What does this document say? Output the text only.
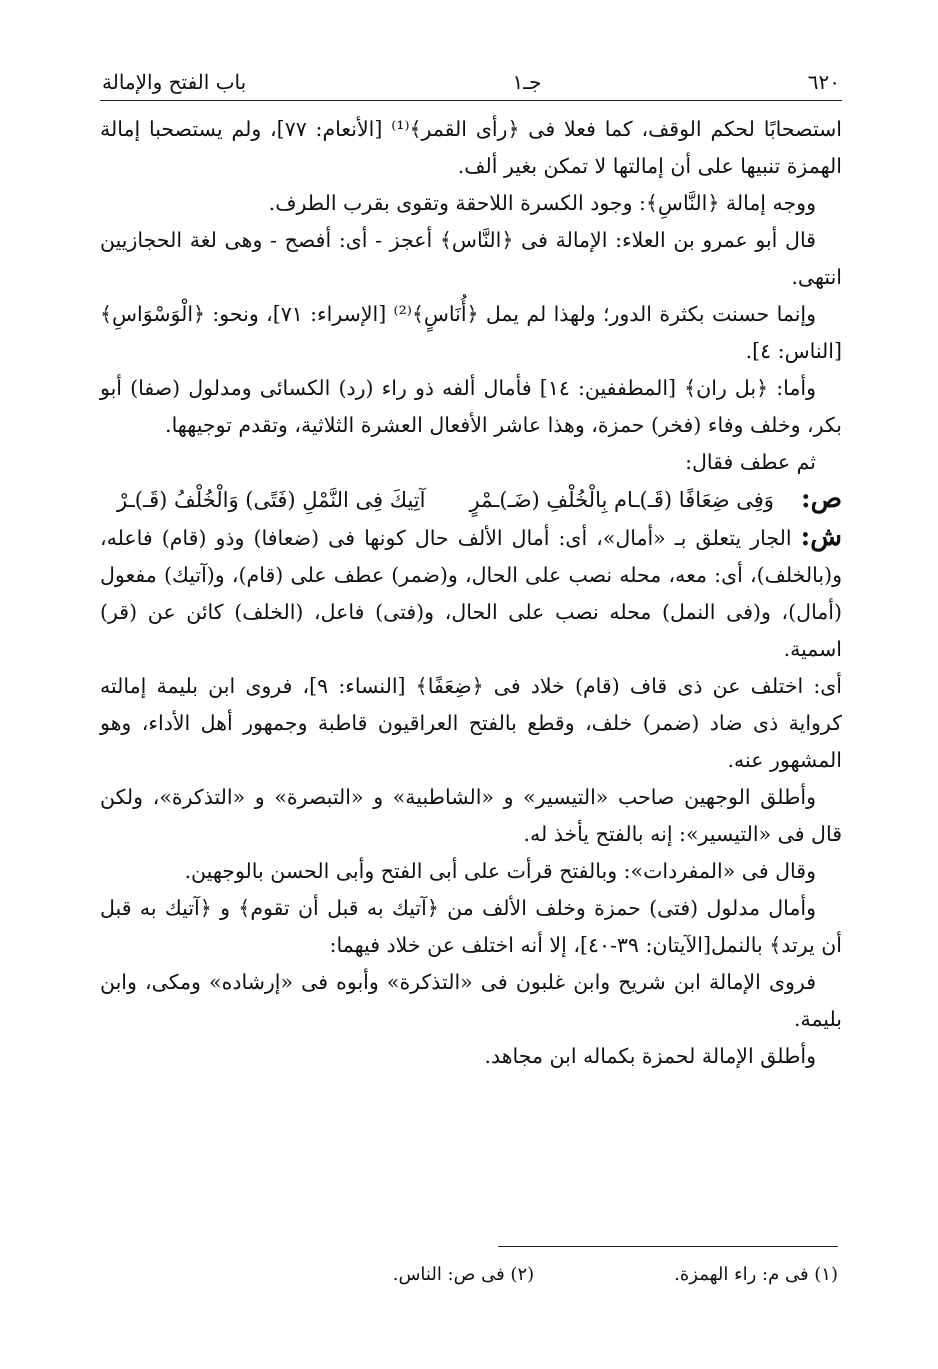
٦٢٠
جـ١
باب الفتح والإمالة

استصحابًا لحكم الوقف، كما فعلا فى ﴿رأى القمر﴾⁽¹⁾ [الأنعام: ٧٧]، ولم يستصحبا إمالة الهمزة تنبيها على أن إمالتها لا تمكن بغير ألف.

ووجه إمالة ﴿النَّاسِ﴾: وجود الكسرة اللاحقة وتقوى بقرب الطرف.

قال أبو عمرو بن العلاء: الإمالة فى ﴿النَّاس﴾ أعجز - أى: أفصح - وهى لغة الحجازيين انتهى.

وإنما حسنت بكثرة الدور؛ ولهذا لم يمل ﴿أُنَاسٍ﴾⁽²⁾ [الإسراء: ٧١]، ونحو: ﴿الْوَسْوَاسِ﴾ [الناس: ٤].

وأما: ﴿بل ران﴾ [المطففين: ١٤] فأمال ألفه ذو راء (رد) الكسائى ومدلول (صفا) أبو بكر، وخلف وفاء (فخر) حمزة، وهذا عاشر الأفعال العشرة الثلاثية، وتقدم توجيهها.

ثم عطف فقال:

ص:
وَفِى ضِعَافًا (قَـ)ـام بِالْخُلْفِ (ضَـ)ـمْرٍ
آتِيكَ فِى النَّمْلِ (فَتًى) وَالْخُلْفُ (قَـ)ـرْ

ش: الجار يتعلق بـ «أمال»، أى: أمال الألف حال كونها فى (ضعافا) وذو (قام) فاعله، و(بالخلف)، أى: معه، محله نصب على الحال، و(ضمر) عطف على (قام)، و(آتيك) مفعول (أمال)، و(فى النمل) محله نصب على الحال، و(فتى) فاعل، (الخلف) كائن عن (قر) اسمية.

أى: اختلف عن ذى قاف (قام) خلاد فى ﴿ضِعَفًا﴾ [النساء: ٩]، فروى ابن بليمة إمالته كرواية ذى ضاد (ضمر) خلف، وقطع بالفتح العراقيون قاطبة وجمهور أهل الأداء، وهو المشهور عنه.

وأطلق الوجهين صاحب «التيسير» و «الشاطبية» و «التبصرة» و «التذكرة»، ولكن قال فى «التيسير»: إنه بالفتح يأخذ له.

وقال فى «المفردات»: وبالفتح قرأت على أبى الفتح وأبى الحسن بالوجهين.

وأمال مدلول (فتى) حمزة وخلف الألف من ﴿آتيك به قبل أن تقوم﴾ و ﴿آتيك به قبل أن يرتد﴾ بالنمل[الآيتان: ٣٩-٤٠]، إلا أنه اختلف عن خلاد فيهما:

فروى الإمالة ابن شريح وابن غلبون فى «التذكرة» وأبوه فى «إرشاده» ومكى، وابن بليمة.

وأطلق الإمالة لحمزة بكماله ابن مجاهد.

(١) فى م: راء الهمزة.
(٢) فى ص: الناس.
